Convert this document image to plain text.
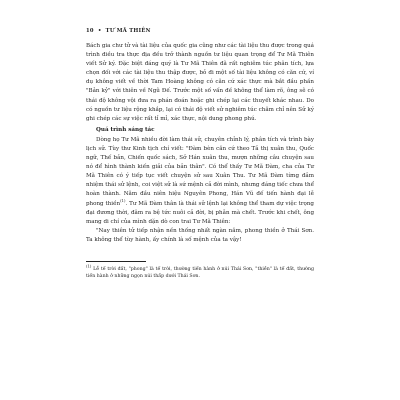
10 • TƯ MÃ THIÊN

Bách gia chư tử và tài liệu của quốc gia cũng như các tài liệu thu được trong quá trình điều tra thực địa đều trở thành nguồn tư liệu quan trọng để Tư Mã Thiên viết Sử ký. Đặc biệt đáng quý là Tư Mã Thiên đã rất nghiêm túc phân tích, lựa chọn đối với các tài liệu thu thập được, bỏ đi một số tài liệu không có căn cứ, ví dụ không viết về thời Tam Hoàng không có căn cứ xác thực mà bắt đầu phần "Bản kỷ" với thiên về Ngũ Đế. Trước một số vấn đề không thể làm rõ, ông sẽ có thái độ không vội đưa ra phán đoán hoặc ghi chép lại các thuyết khác nhau. Do có nguồn tư liệu rộng khắp, lại có thái độ viết sử nghiêm túc chăm chỉ nên Sử ký ghi chép các sự việc rất tỉ mỉ, xác thực, nội dung phong phú.

Quá trình sáng tác

Dòng họ Tư Mã nhiều đời làm thái sử, chuyên chỉnh lý, phân tích và trình bày lịch sử. Tùy thư Kinh tịch chí viết: "Đàm bèn căn cứ theo Tả thị xuân thu, Quốc ngữ, Thế bản, Chiến quốc sách, Sở Hán xuân thu, mượn những câu chuyện sau nó để hình thành kiến giải của bản thân". Có thể thấy Tư Mã Đàm, cha của Tư Mã Thiên có ý tiếp tục viết chuyện sử sau Xuân Thu. Tư Mã Đàm từng đảm nhiệm thái sử lệnh, coi việt sử là sứ mệnh cả đời mình, nhưng đáng tiếc chưa thể hoàn thành. Năm đầu niên hiệu Nguyên Phong, Hán Vũ đế tiến hành đại lễ phong thiền$^{(1)}$. Tư Mã Đàm thân là thái sử lệnh lại không thể tham dự việc trọng đại đương thời, đâm ra bệ tức nuôi cả đời, bị phẫn mà chết. Trước khi chết, ông mang di chí của mình dặn dò con trai Tư Mã Thiên:

"Nay thiên tử tiếp nhận nền thống nhất ngàn năm, phong thiền ở Thái Sơn. Ta không thể tùy hành, ấy chính là số mệnh của ta vậy!

$^{(1)}$ Lễ tế trời đất, "phong" là tế trời, thường tiến hành ở núi Thái Sơn, "thiền" là tế đất, thường tiến hành ở những ngọn núi thấp dưới Thái Sơn.
